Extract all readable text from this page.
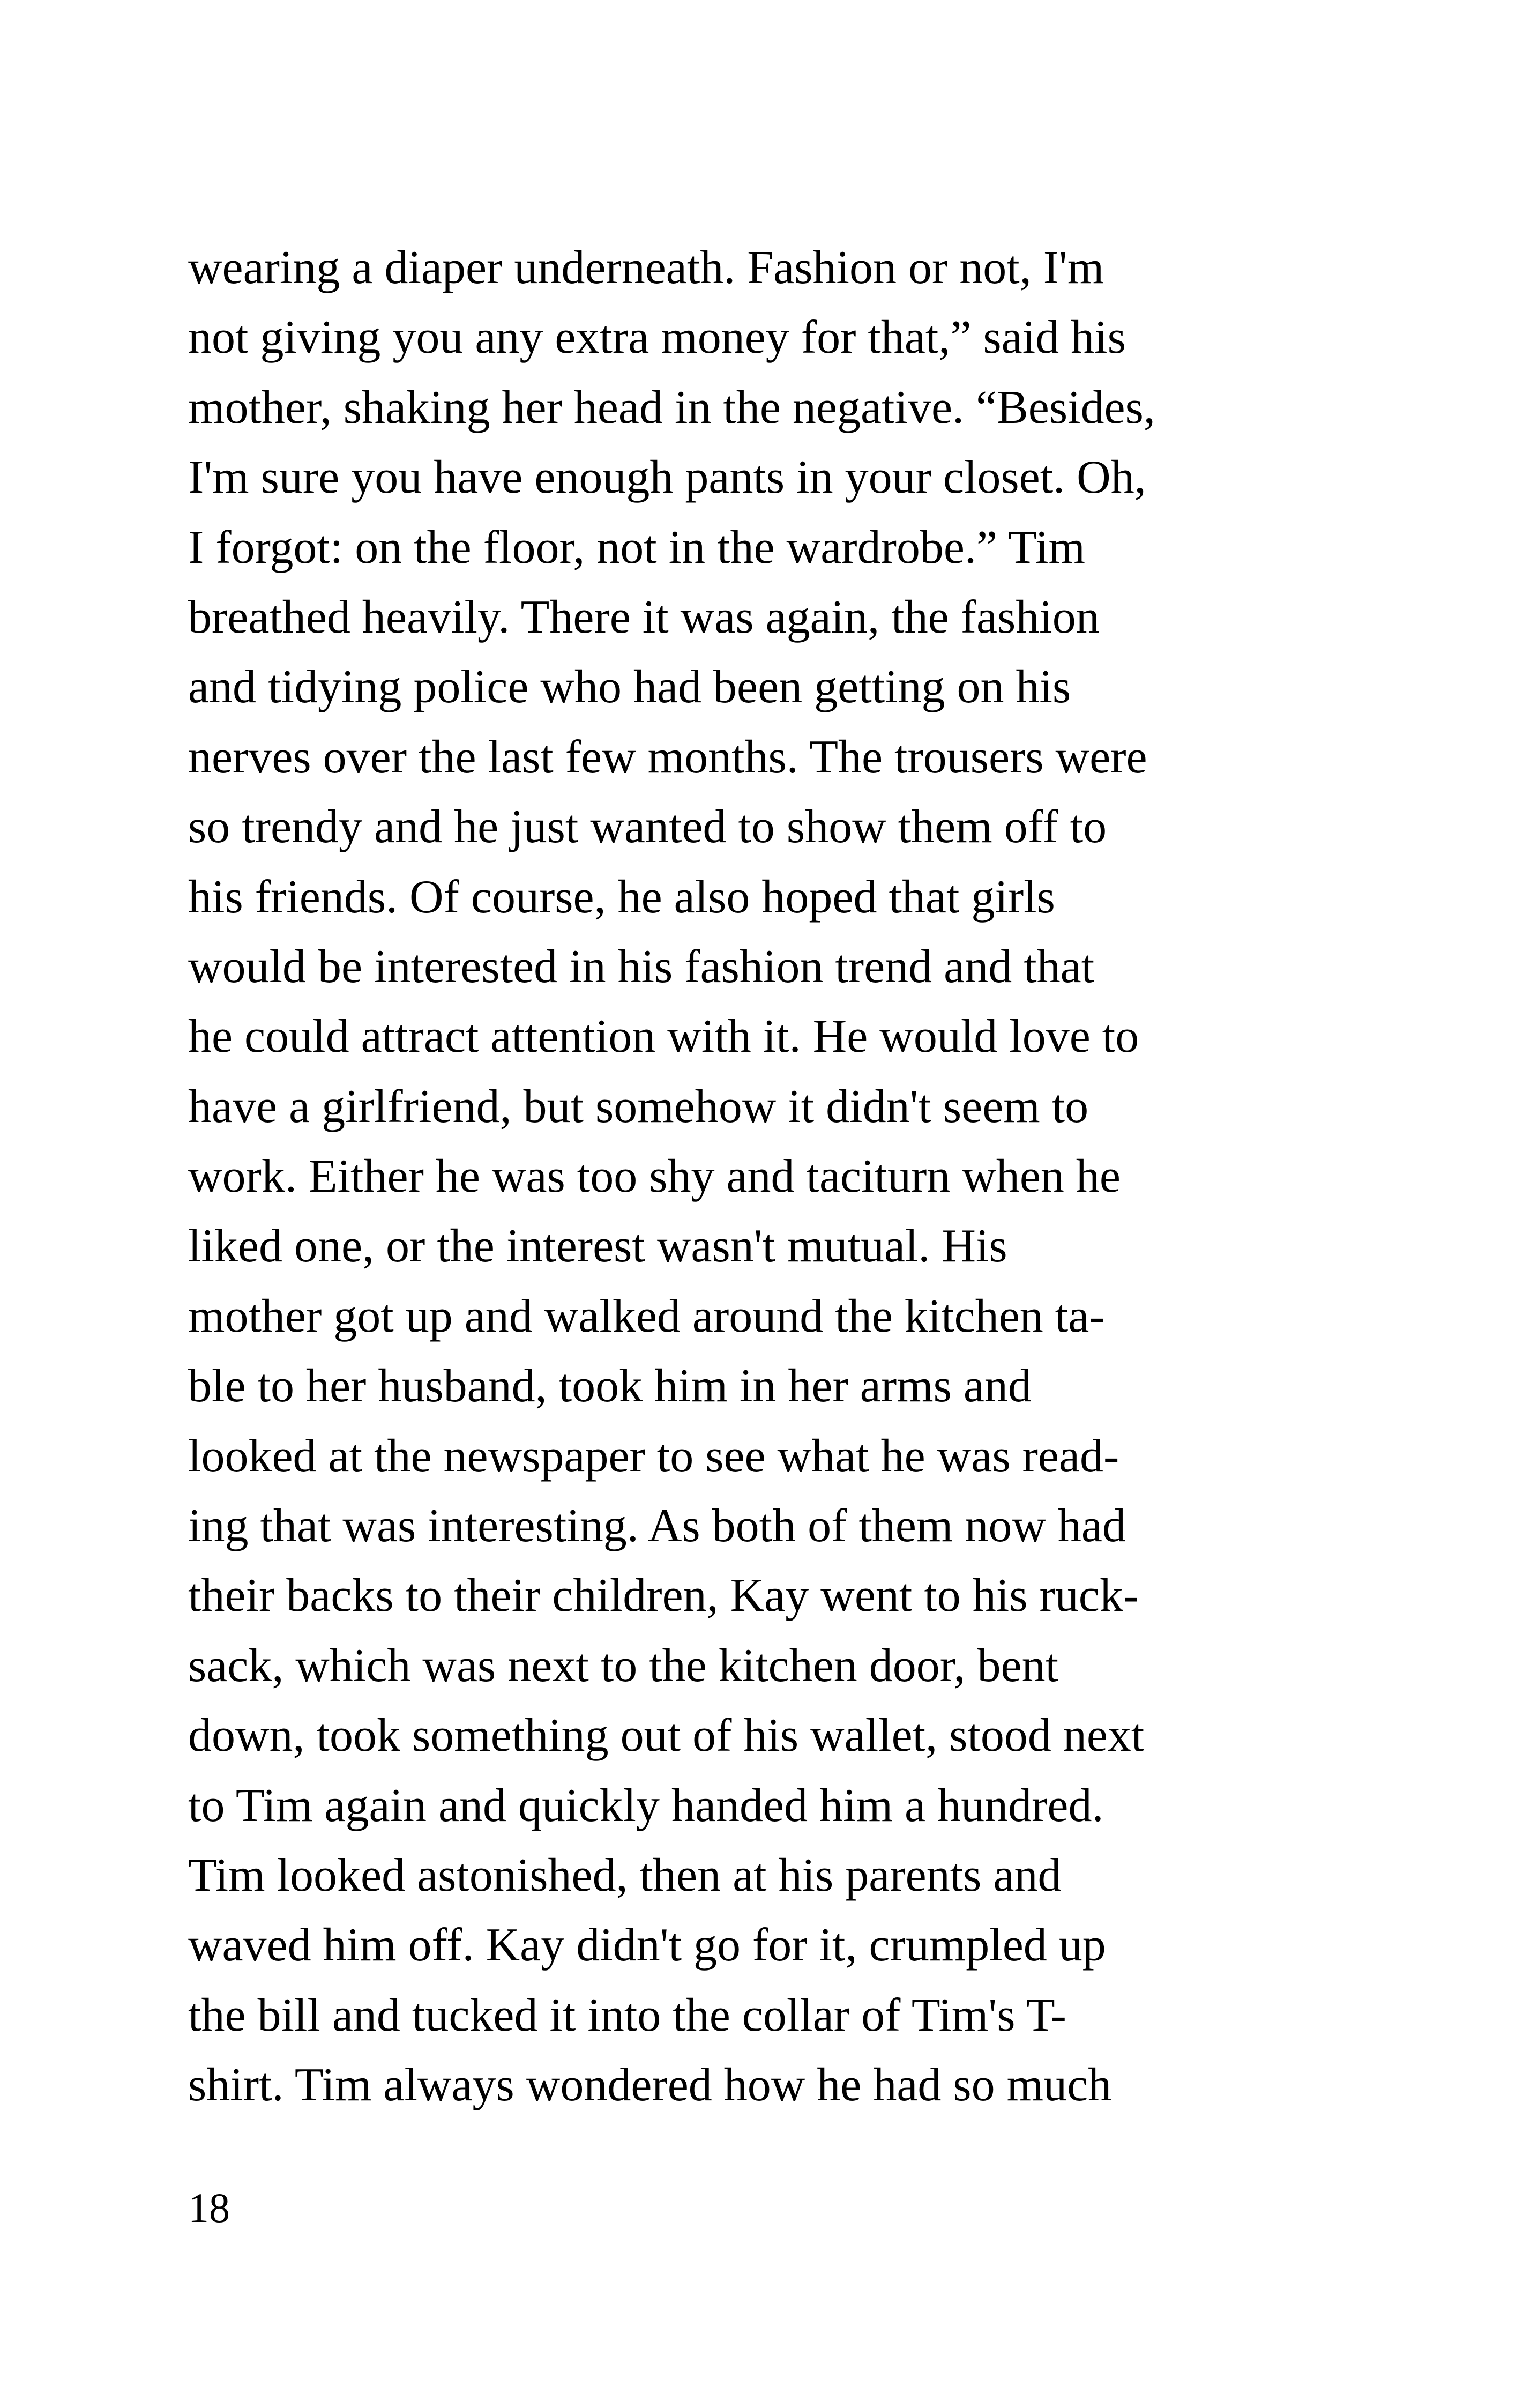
wearing a diaper underneath. Fashion or not, I'm
not giving you any extra money for that,” said his
mother, shaking her head in the negative. “Besides,
I'm sure you have enough pants in your closet. Oh,
I forgot: on the floor, not in the wardrobe.” Tim
breathed heavily. There it was again, the fashion
and tidying police who had been getting on his
nerves over the last few months. The trousers were
so trendy and he just wanted to show them off to
his friends. Of course, he also hoped that girls
would be interested in his fashion trend and that
he could attract attention with it. He would love to
have a girlfriend, but somehow it didn't seem to
work. Either he was too shy and taciturn when he
liked one, or the interest wasn't mutual. His
mother got up and walked around the kitchen ta-
ble to her husband, took him in her arms and
looked at the newspaper to see what he was read-
ing that was interesting. As both of them now had
their backs to their children, Kay went to his ruck-
sack, which was next to the kitchen door, bent
down, took something out of his wallet, stood next
to Tim again and quickly handed him a hundred.
Tim looked astonished, then at his parents and
waved him off. Kay didn't go for it, crumpled up
the bill and tucked it into the collar of Tim's T-
shirt. Tim always wondered how he had so much
18
